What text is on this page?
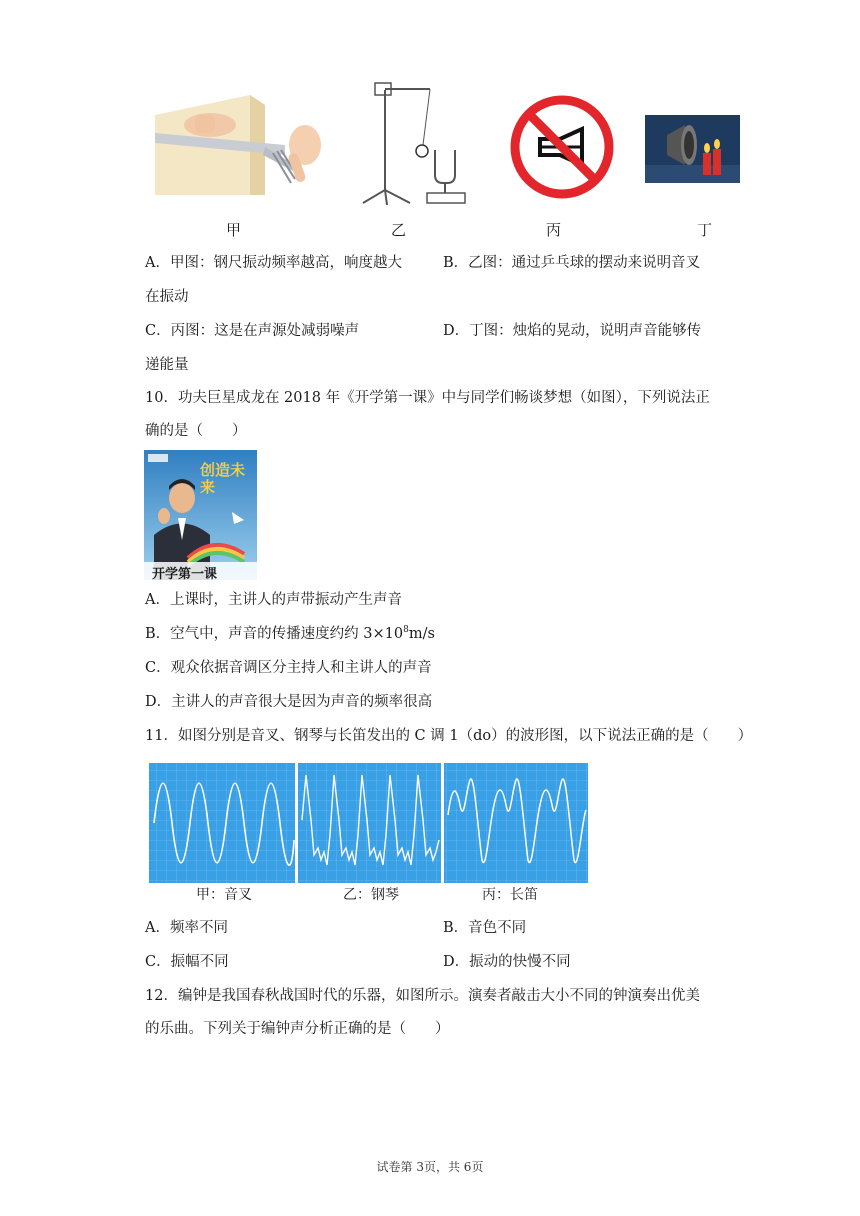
甲	乙	丙	丁
A．甲图：钢尺振动频率越高，响度越大	B．乙图：通过乒乓球的摆动来说明音叉
在振动
C．丙图：这是在声源处减弱噪声	D．丁图：烛焰的晃动，说明声音能够传
递能量
10．功夫巨星成龙在 2018 年《开学第一课》中与同学们畅谈梦想（如图），下列说法正
确的是（　　）
创造未来
开学第一课
A．上课时，主讲人的声带振动产生声音
B．空气中，声音的传播速度约约 $3\times 10^8m/s$
C．观众依据音调区分主持人和主讲人的声音
D．主讲人的声音很大是因为声音的频率很高
11．如图分别是音叉、钢琴与长笛发出的 C 调 1（do）的波形图，以下说法正确的是（　　）
甲：音叉	乙：钢琴	丙：长笛
A．频率不同	B．音色不同
C．振幅不同	D．振动的快慢不同
12．编钟是我国春秋战国时代的乐器，如图所示。演奏者敲击大小不同的钟演奏出优美
的乐曲。下列关于编钟声分析正确的是（　　）
试卷第 3页，共 6页
